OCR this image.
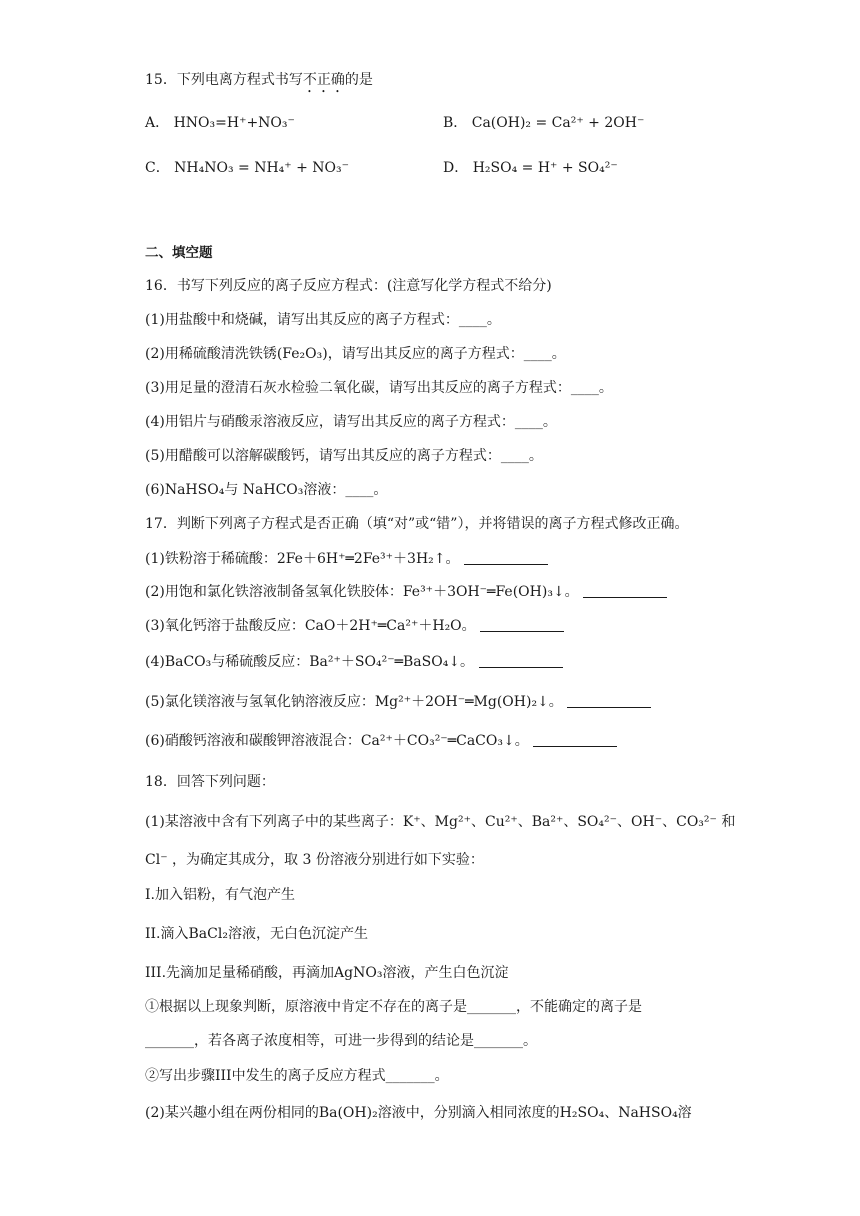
15．下列电离方程式书写不正确的是
A． HNO₃=H⁺+NO₃⁻	B． Ca(OH)₂ = Ca²⁺ + 2OH⁻
C． NH₄NO₃ = NH₄⁺ + NO₃⁻	D． H₂SO₄ = H⁺ + SO₄²⁻
二、填空题
16．书写下列反应的离子反应方程式：(注意写化学方程式不给分)
(1)用盐酸中和烧碱，请写出其反应的离子方程式：____。
(2)用稀硫酸清洗铁锈(Fe₂O₃)，请写出其反应的离子方程式：____。
(3)用足量的澄清石灰水检验二氧化碳，请写出其反应的离子方程式：____。
(4)用铝片与硝酸汞溶液反应，请写出其反应的离子方程式：____。
(5)用醋酸可以溶解碳酸钙，请写出其反应的离子方程式：____。
(6)NaHSO₄与 NaHCO₃溶液：____。
17．判断下列离子方程式是否正确（填“对”或“错”），并将错误的离子方程式修改正确。
(1)铁粉溶于稀硫酸：2Fe＋6H⁺═2Fe³⁺＋3H₂↑。
(2)用饱和氯化铁溶液制备氢氧化铁胶体：Fe³⁺＋3OH⁻═Fe(OH)₃↓。
(3)氧化钙溶于盐酸反应：CaO＋2H⁺═Ca²⁺＋H₂O。
(4)BaCO₃与稀硫酸反应：Ba²⁺＋SO₄²⁻═BaSO₄↓。
(5)氯化镁溶液与氢氧化钠溶液反应：Mg²⁺＋2OH⁻═Mg(OH)₂↓。
(6)硝酸钙溶液和碳酸钾溶液混合：Ca²⁺＋CO₃²⁻═CaCO₃↓。
18．回答下列问题：
(1)某溶液中含有下列离子中的某些离子：K⁺、Mg²⁺、Cu²⁺、Ba²⁺、SO₄²⁻、OH⁻、CO₃²⁻ 和
Cl⁻ ，为确定其成分，取 3 份溶液分别进行如下实验：
I.加入铝粉，有气泡产生
II.滴入BaCl₂溶液，无白色沉淀产生
III.先滴加足量稀硝酸，再滴加AgNO₃溶液，产生白色沉淀
①根据以上现象判断，原溶液中肯定不存在的离子是_______，不能确定的离子是
_______，若各离子浓度相等，可进一步得到的结论是_______。
②写出步骤III中发生的离子反应方程式_______。
(2)某兴趣小组在两份相同的Ba(OH)₂溶液中，分别滴入相同浓度的H₂SO₄、NaHSO₄溶
